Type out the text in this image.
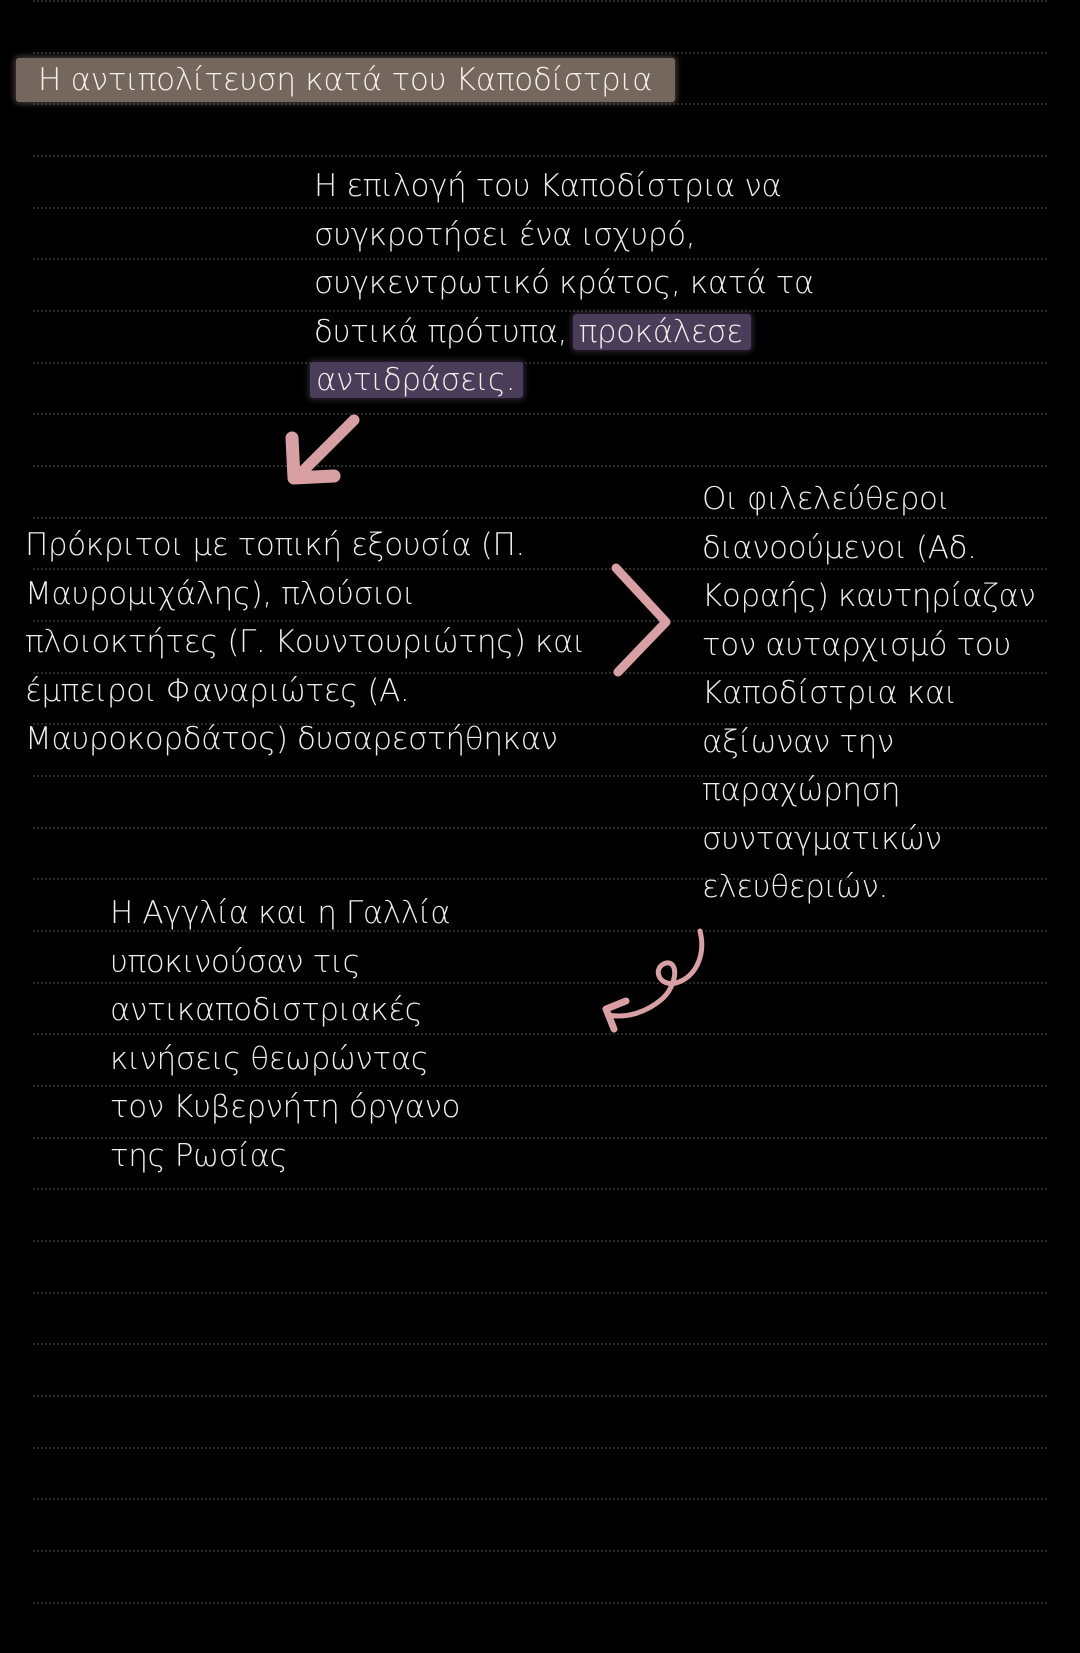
Η αντιπολίτευση κατά του Καποδίστρια
Η επιλογή του Καποδίστρια να
συγκροτήσει ένα ισχυρό,
συγκεντρωτικό κράτος, κατά τα
δυτικά πρότυπα, προκάλεσε
αντιδράσεις.
Πρόκριτοι με τοπική εξουσία (Π.
Μαυρομιχάλης), πλούσιοι
πλοιοκτήτες (Γ. Κουντουριώτης) και
έμπειροι Φαναριώτες (Α.
Μαυροκορδάτος) δυσαρεστήθηκαν
Οι φιλελεύθεροι
διανοούμενοι (Αδ.
Κοραής) καυτηρίαζαν
τον αυταρχισμό του
Καποδίστρια και
αξίωναν την
παραχώρηση
συνταγματικών
ελευθεριών.
Η Αγγλία και η Γαλλία
υποκινούσαν τις
αντικαποδιστριακές
κινήσεις θεωρώντας
τον Κυβερνήτη όργανο
της Ρωσίας
